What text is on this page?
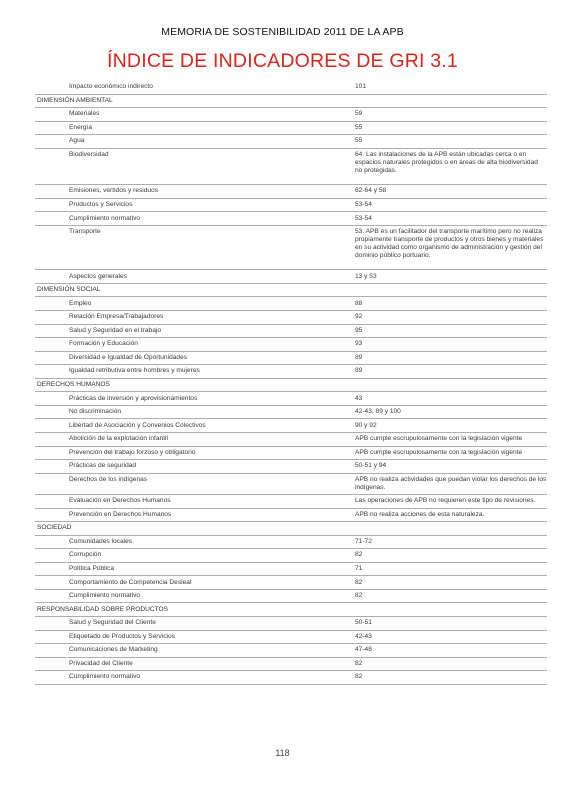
MEMORIA DE SOSTENIBILIDAD 2011 DE LA APB
ÍNDICE DE INDICADORES DE GRI 3.1
Impacto económico indirecto	101
DIMENSIÓN AMBIENTAL	
Materiales	59
Energía	55
Agua	55
Biodiversidad	64. Las instalaciones de la APB están ubicadas cerca o en espacios naturales protegidos o en áreas de alta biodiversidad no protegidas.
Emisiones, vertidos y residuos	62-64 y 58
Productos y Servicios	53-54
Cumplimiento normativo	53-54
Transporte	53. APB es un facilitador del transporte marítimo pero no realiza propiamente transporte de productos y otros bienes y materiales en su actividad como organismo de administración y gestión del dominio público portuario.
Aspectos generales	13 y 53
DIMENSIÓN SOCIAL	
Empleo	88
Relación Empresa/Trabajadores	92
Salud y Seguridad en el trabajo	95
Formación y Educación	93
Diversidad e Igualdad de Oportunidades	89
Igualdad retributiva entre hombres y mujeres	89
DERECHOS HUMANOS	
Prácticas de inversión y aprovisionamientos	43
No discriminación	42-43, 89 y 100
Libertad de Asociación y Convenios Colectivos	90 y 92
Abolición de la explotación infantil	APB cumple escrupulosamente con la legislación vigente
Prevención del trabajo forzoso y obligatorio	APB cumple escrupulosamente con la legislación vigente
Prácticas de seguridad	50-51 y 94
Derechos de los indígenas	APB no realiza actividades que puedan violar los derechos de los indígenas.
Evaluación en Derechos Humanos	Las operaciones de APB no requieren este tipo de revisiones.
Prevención en Derechos Humanos	APB no realiza acciones de esta naturaleza.
SOCIEDAD	
Comunidades locales	71-72
Corrupción	82
Política Pública	71
Comportamiento de Competencia Desleal	82
Cumplimiento normativo	82
RESPONSABILIDAD SOBRE PRODUCTOS	
Salud y Seguridad del Cliente	50-51
Etiquetado de Productos y Servicios	42-43
Comunicaciones de Marketing	47-48
Privacidad del Cliente	82
Cumplimiento normativo	82
118
